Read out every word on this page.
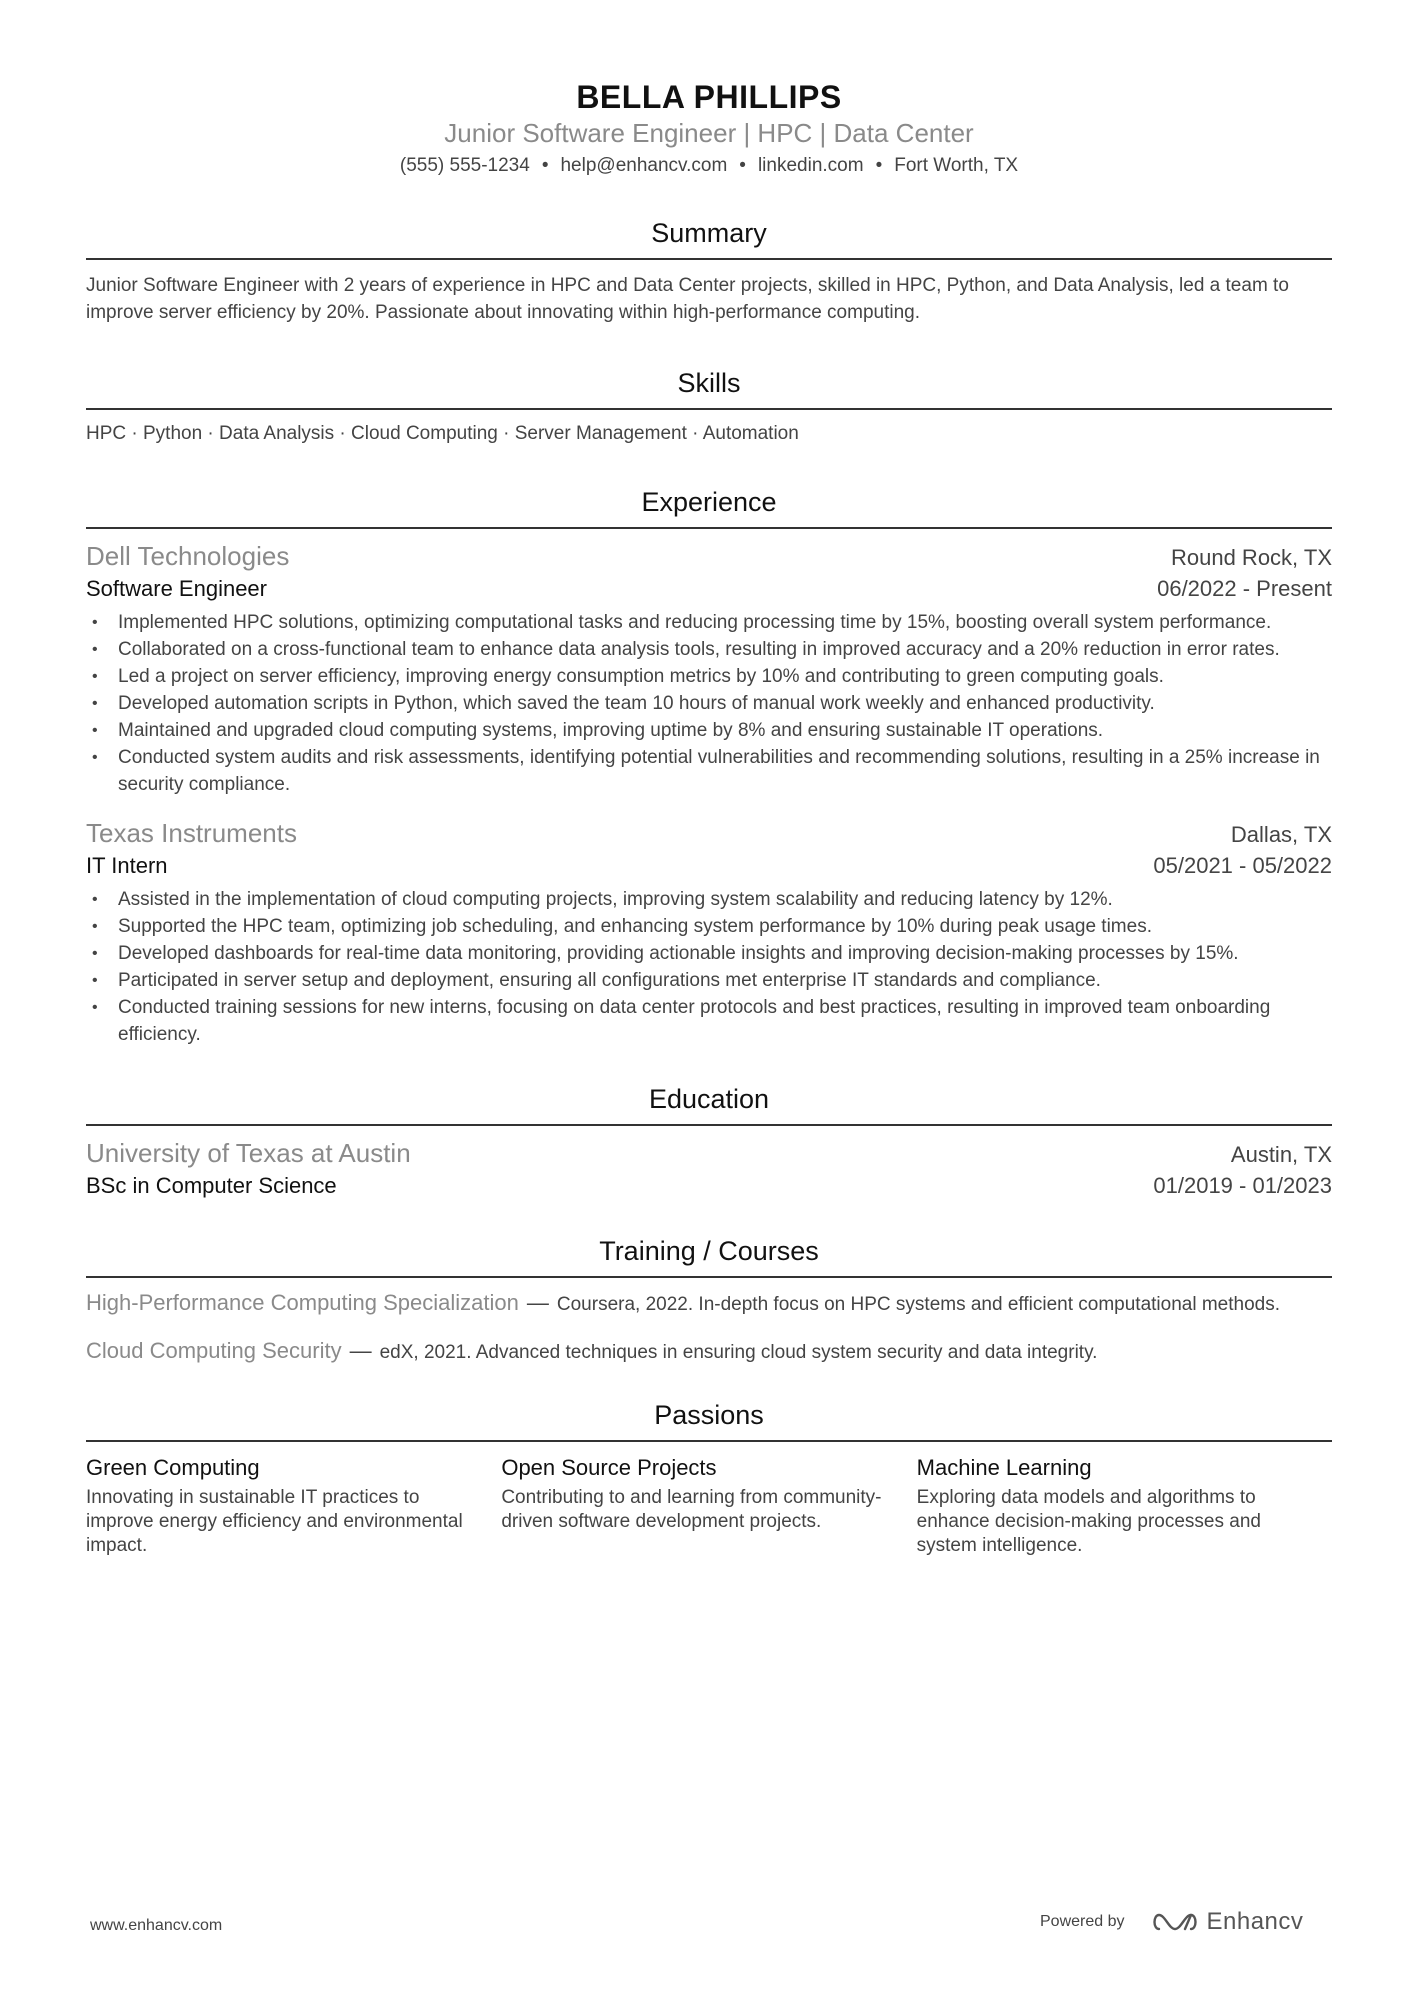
BELLA PHILLIPS
Junior Software Engineer | HPC | Data Center
(555) 555-1234 • help@enhancv.com • linkedin.com • Fort Worth, TX
Summary
Junior Software Engineer with 2 years of experience in HPC and Data Center projects, skilled in HPC, Python, and Data Analysis, led a team to improve server efficiency by 20%. Passionate about innovating within high-performance computing.
Skills
HPC · Python · Data Analysis · Cloud Computing · Server Management · Automation
Experience
Dell Technologies	Round Rock, TX
Software Engineer	06/2022 - Present
• Implemented HPC solutions, optimizing computational tasks and reducing processing time by 15%, boosting overall system performance.
• Collaborated on a cross-functional team to enhance data analysis tools, resulting in improved accuracy and a 20% reduction in error rates.
• Led a project on server efficiency, improving energy consumption metrics by 10% and contributing to green computing goals.
• Developed automation scripts in Python, which saved the team 10 hours of manual work weekly and enhanced productivity.
• Maintained and upgraded cloud computing systems, improving uptime by 8% and ensuring sustainable IT operations.
• Conducted system audits and risk assessments, identifying potential vulnerabilities and recommending solutions, resulting in a 25% increase in security compliance.
Texas Instruments	Dallas, TX
IT Intern	05/2021 - 05/2022
• Assisted in the implementation of cloud computing projects, improving system scalability and reducing latency by 12%.
• Supported the HPC team, optimizing job scheduling, and enhancing system performance by 10% during peak usage times.
• Developed dashboards for real-time data monitoring, providing actionable insights and improving decision-making processes by 15%.
• Participated in server setup and deployment, ensuring all configurations met enterprise IT standards and compliance.
• Conducted training sessions for new interns, focusing on data center protocols and best practices, resulting in improved team onboarding efficiency.
Education
University of Texas at Austin	Austin, TX
BSc in Computer Science	01/2019 - 01/2023
Training / Courses
High-Performance Computing Specialization — Coursera, 2022. In-depth focus on HPC systems and efficient computational methods.
Cloud Computing Security — edX, 2021. Advanced techniques in ensuring cloud system security and data integrity.
Passions
Green Computing
Innovating in sustainable IT practices to improve energy efficiency and environmental impact.
Open Source Projects
Contributing to and learning from community-driven software development projects.
Machine Learning
Exploring data models and algorithms to enhance decision-making processes and system intelligence.
www.enhancv.com	Powered by	Enhancv
